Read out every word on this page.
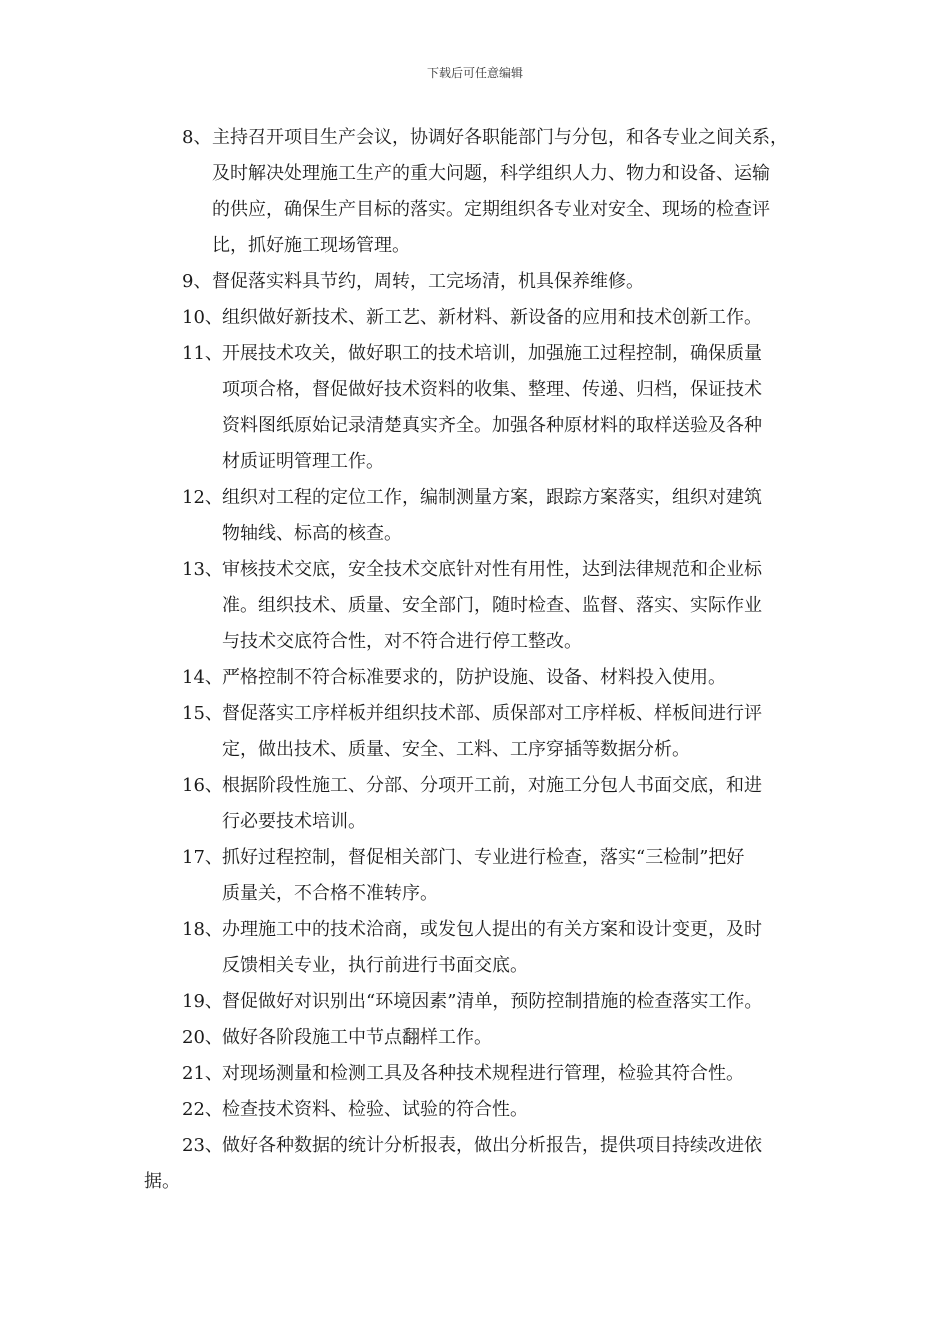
下载后可任意编辑
8、 主持召开项目生产会议，协调好各职能部门与分包，和各专业之间关系，
及时解决处理施工生产的重大问题，科学组织人力、物力和设备、运输
的供应，确保生产目标的落实。定期组织各专业对安全、现场的检查评
比，抓好施工现场管理。
9、 督促落实料具节约，周转，工完场清，机具保养维修。
10、 组织做好新技术、新工艺、新材料、新设备的应用和技术创新工作。
11、 开展技术攻关，做好职工的技术培训，加强施工过程控制，确保质量
项项合格，督促做好技术资料的收集、整理、传递、归档，保证技术
资料图纸原始记录清楚真实齐全。加强各种原材料的取样送验及各种
材质证明管理工作。
12、 组织对工程的定位工作，编制测量方案，跟踪方案落实，组织对建筑
物轴线、标高的核查。
13、 审核技术交底，安全技术交底针对性有用性，达到法律规范和企业标
准。组织技术、质量、安全部门，随时检查、监督、落实、实际作业
与技术交底符合性，对不符合进行停工整改。
14、 严格控制不符合标准要求的，防护设施、设备、材料投入使用。
15、 督促落实工序样板并组织技术部、质保部对工序样板、样板间进行评
定，做出技术、质量、安全、工料、工序穿插等数据分析。
16、 根据阶段性施工、分部、分项开工前，对施工分包人书面交底，和进
行必要技术培训。
17、 抓好过程控制，督促相关部门、专业进行检查，落实“三检制”把好
质量关，不合格不准转序。
18、 办理施工中的技术洽商，或发包人提出的有关方案和设计变更，及时
反馈相关专业，执行前进行书面交底。
19、 督促做好对识别出“环境因素”清单，预防控制措施的检查落实工作。
20、 做好各阶段施工中节点翻样工作。
21、 对现场测量和检测工具及各种技术规程进行管理，检验其符合性。
22、 检查技术资料、检验、试验的符合性。
23、 做好各种数据的统计分析报表，做出分析报告，提供项目持续改进依
据。
